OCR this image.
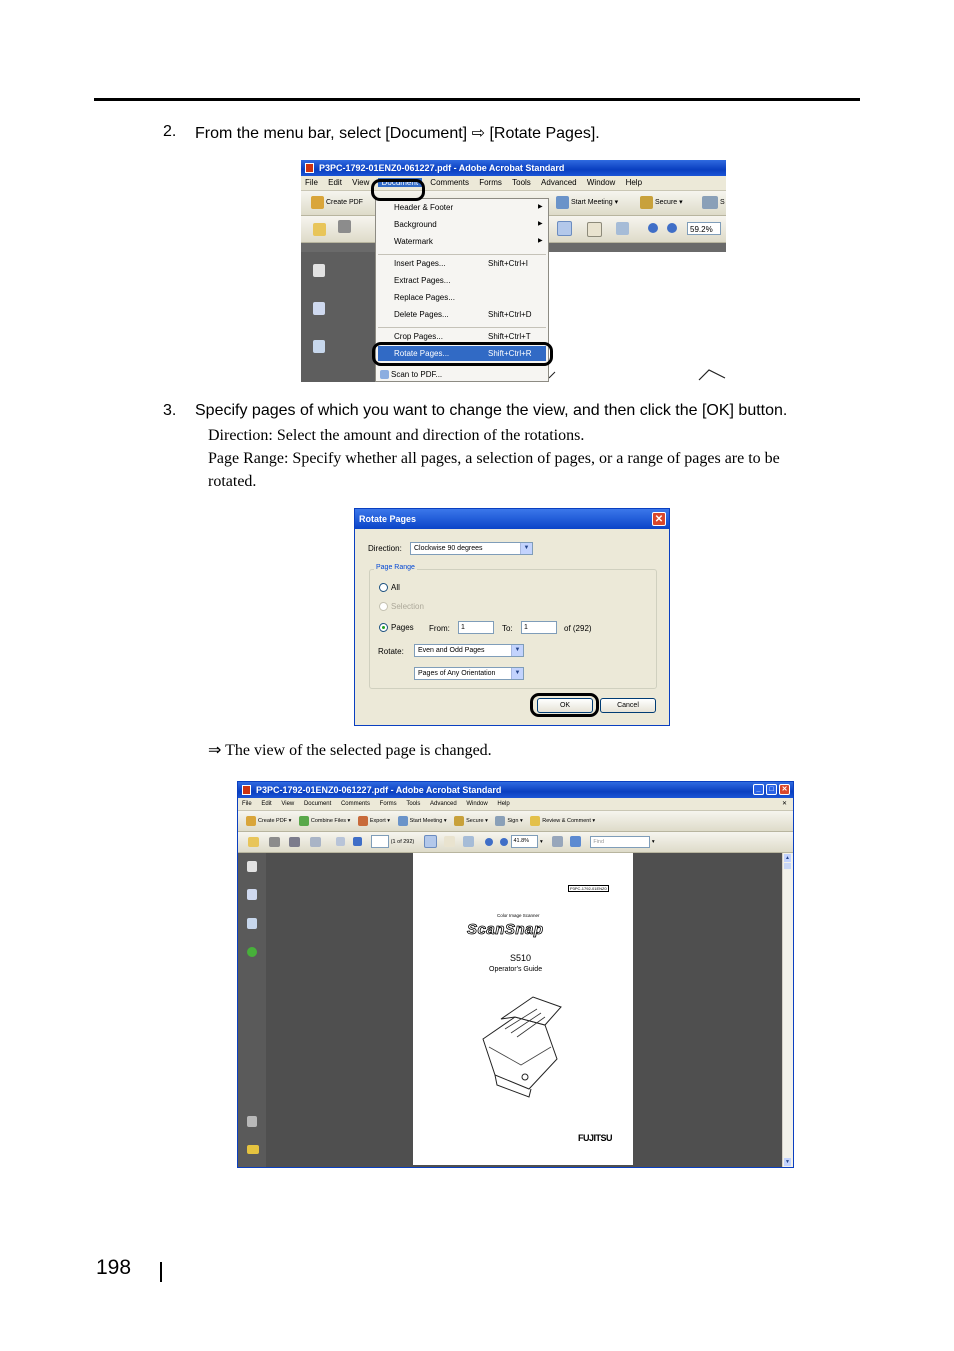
2. From the menu bar, select [Document] ⇨ [Rotate Pages].
P3PC-1792-01ENZ0-061227.pdf - Adobe Acrobat Standard
File Edit View Document Comments Forms Tools Advanced Window Help
Create PDF	Start Meeting ▾	Secure ▾	S

59.2%
Header & Footer	▶
Background	▶
Watermark	▶
Insert Pages...	Shift+Ctrl+I
Extract Pages...
Replace Pages...
Delete Pages...	Shift+Ctrl+D
Crop Pages...	Shift+Ctrl+T
Rotate Pages...	Shift+Ctrl+R
Scan to PDF...
3. Specify pages of which you want to change the view, and then click the [OK] button.
Direction: Select the amount and direction of the rotations.
Page Range: Specify whether all pages, a selection of pages, or a range of pages are to be
rotated.
Rotate Pages	✕
Direction:	Clockwise 90 degrees	▼
Page Range
All
Selection
Pages From:	1	To:	1	of (292)
Rotate:	Even and Odd Pages	▼
Pages of Any Orientation	▼
OK	Cancel
⇒ The view of the selected page is changed.
P3PC-1792-01ENZ0-061227.pdf - Adobe Acrobat Standard	_	□	✕
File Edit View Document Comments Forms Tools Advanced Window Help	✕
Create PDF ▾	Combine Files ▾	Export ▾	Start Meeting ▾	Secure ▾	Sign ▾	Review & Comment ▾
(1 of 292)	41.8% ▾	Find	▾
P3PC-1792-01ENZ0
Color Image Scanner
ScanSnap
S510
Operator's Guide
FUJITSU
▲
▼
198
